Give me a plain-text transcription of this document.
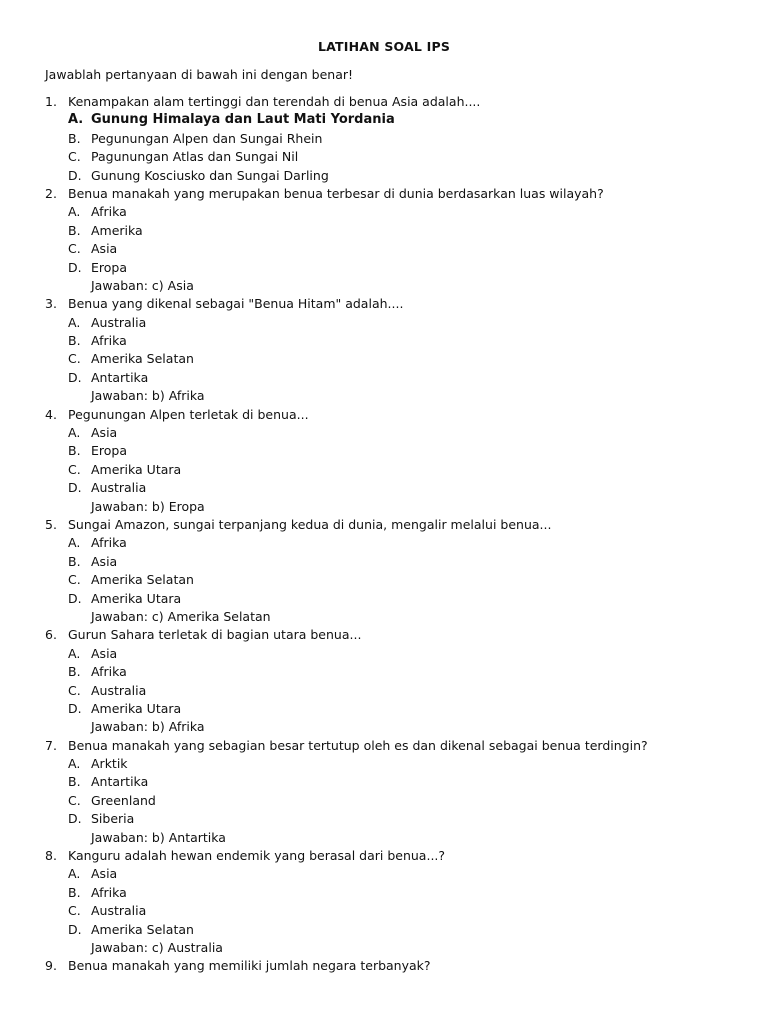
LATIHAN SOAL IPS
Jawablah pertanyaan di bawah ini dengan benar!
1. Kenampakan alam tertinggi dan terendah di benua Asia adalah....
A. Gunung Himalaya dan Laut Mati Yordania
B. Pegunungan Alpen dan Sungai Rhein
C. Pagunungan Atlas dan Sungai Nil
D. Gunung Kosciusko dan Sungai Darling
2. Benua manakah yang merupakan benua terbesar di dunia berdasarkan luas wilayah?
A. Afrika
B. Amerika
C. Asia
D. Eropa
Jawaban: c) Asia
3. Benua yang dikenal sebagai "Benua Hitam" adalah....
A. Australia
B. Afrika
C. Amerika Selatan
D. Antartika
Jawaban: b) Afrika
4. Pegunungan Alpen terletak di benua...
A. Asia
B. Eropa
C. Amerika Utara
D. Australia
Jawaban: b) Eropa
5. Sungai Amazon, sungai terpanjang kedua di dunia, mengalir melalui benua...
A. Afrika
B. Asia
C. Amerika Selatan
D. Amerika Utara
Jawaban: c) Amerika Selatan
6. Gurun Sahara terletak di bagian utara benua...
A. Asia
B. Afrika
C. Australia
D. Amerika Utara
Jawaban: b) Afrika
7. Benua manakah yang sebagian besar tertutup oleh es dan dikenal sebagai benua terdingin?
A. Arktik
B. Antartika
C. Greenland
D. Siberia
Jawaban: b) Antartika
8. Kanguru adalah hewan endemik yang berasal dari benua...?
A. Asia
B. Afrika
C. Australia
D. Amerika Selatan
Jawaban: c) Australia
9. Benua manakah yang memiliki jumlah negara terbanyak?
